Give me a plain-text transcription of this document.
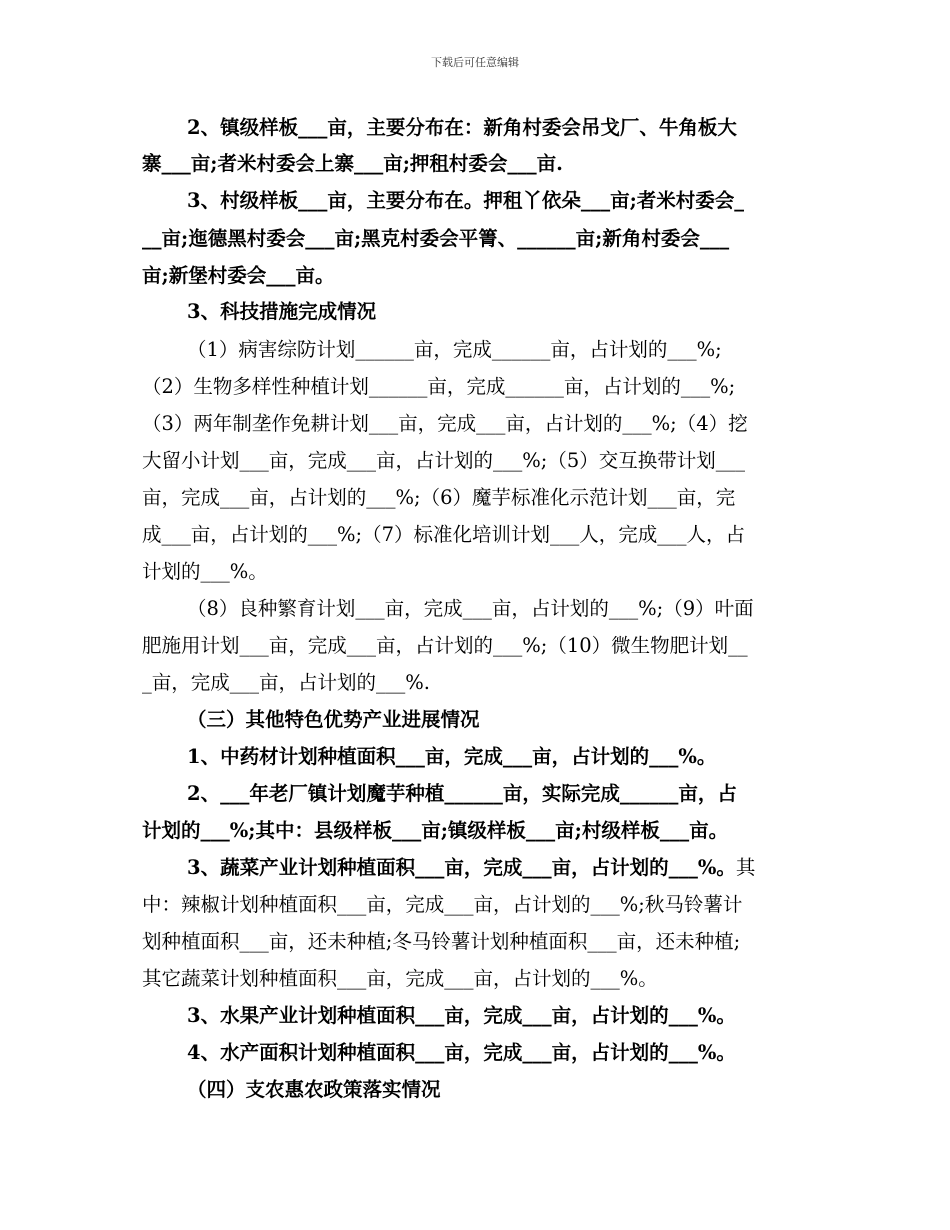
下载后可任意编辑
2、镇级样板___亩，主要分布在：新角村委会吊戈厂、牛角板大
寨___亩;者米村委会上寨___亩;押租村委会___亩.
3、村级样板___亩，主要分布在。押租丫依朵___亩;者米村委会_
__亩;迤德黑村委会___亩;黑克村委会平箐、______亩;新角村委会___
亩;新堡村委会___亩。
3、科技措施完成情况
（1）病害综防计划______亩，完成______亩，占计划的___%;
（2）生物多样性种植计划______亩，完成______亩，占计划的___%;
（3）两年制垄作免耕计划___亩，完成___亩，占计划的___%;（4）挖
大留小计划___亩，完成___亩，占计划的___%;（5）交互换带计划___
亩，完成___亩，占计划的___%;（6）魔芋标准化示范计划___亩，完
成___亩，占计划的___%;（7）标准化培训计划___人，完成___人，占
计划的___%。
（8）良种繁育计划___亩，完成___亩，占计划的___%;（9）叶面
肥施用计划___亩，完成___亩，占计划的___%;（10）微生物肥计划__
_亩，完成___亩，占计划的___%.
（三）其他特色优势产业进展情况
1、中药材计划种植面积___亩，完成___亩，占计划的___%。
2、___年老厂镇计划魔芋种植______亩，实际完成______亩，占
计划的___%;其中：县级样板___亩;镇级样板___亩;村级样板___亩。
3、蔬菜产业计划种植面积___亩，完成___亩，占计划的___%。其
中：辣椒计划种植面积___亩，完成___亩，占计划的___%;秋马铃薯计
划种植面积___亩，还未种植;冬马铃薯计划种植面积___亩，还未种植;
其它蔬菜计划种植面积___亩，完成___亩，占计划的___%。
3、水果产业计划种植面积___亩，完成___亩，占计划的___%。
4、水产面积计划种植面积___亩，完成___亩，占计划的___%。
（四）支农惠农政策落实情况
